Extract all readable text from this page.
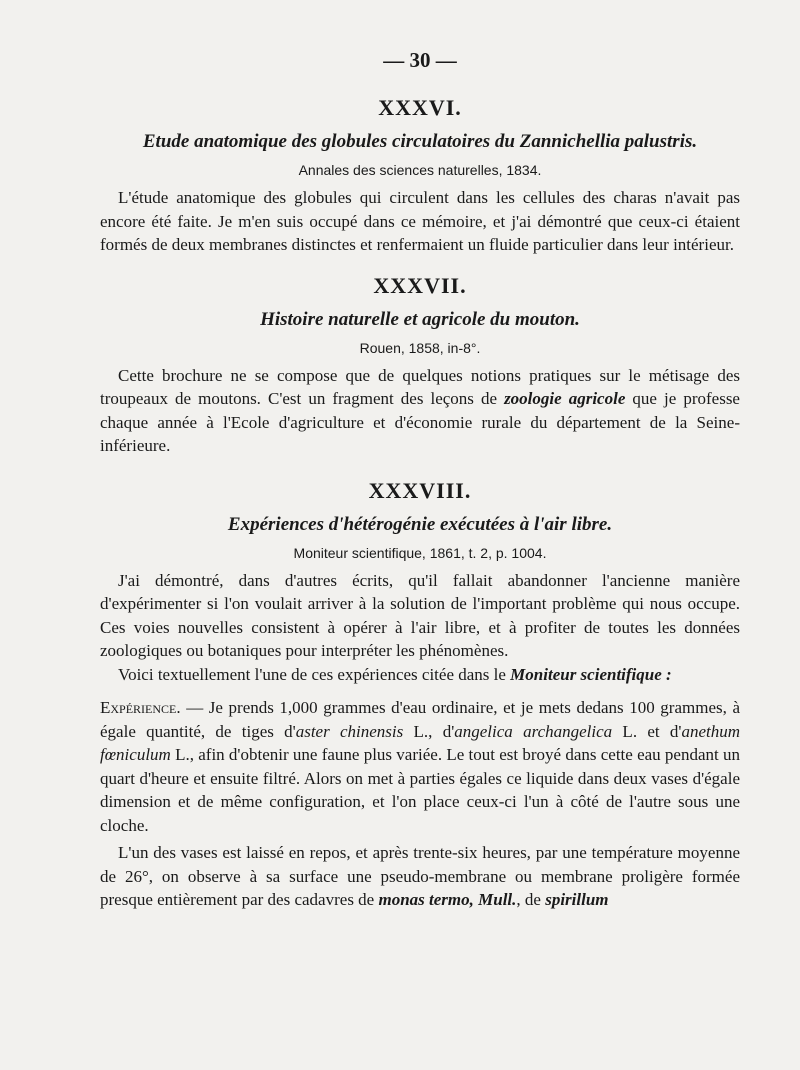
— 30 —
XXXVI.
Etude anatomique des globules circulatoires du Zannichellia palustris.
Annales des sciences naturelles, 1834.

L'étude anatomique des globules qui circulent dans les cellules des charas n'avait pas encore été faite. Je m'en suis occupé dans ce mémoire, et j'ai démontré que ceux-ci étaient formés de deux membranes distinctes et renfermaient un fluide particulier dans leur intérieur.

XXXVII.
Histoire naturelle et agricole du mouton.
Rouen, 1858, in-8°.

Cette brochure ne se compose que de quelques notions pratiques sur le métisage des troupeaux de moutons. C'est un fragment des leçons de zoologie agricole que je professe chaque année à l'Ecole d'agriculture et d'économie rurale du département de la Seine-inférieure.

XXXVIII.
Expériences d'hétérogénie exécutées à l'air libre.
Moniteur scientifique, 1861, t. 2, p. 1004.

J'ai démontré, dans d'autres écrits, qu'il fallait abandonner l'ancienne manière d'expérimenter si l'on voulait arriver à la solution de l'important problème qui nous occupe. Ces voies nouvelles consistent à opérer à l'air libre, et à profiter de toutes les données zoologiques ou botaniques pour interpréter les phénomènes.

Voici textuellement l'une de ces expériences citée dans le Moniteur scientifique :

Expérience. — Je prends 1,000 grammes d'eau ordinaire, et je mets dedans 100 grammes, à égale quantité, de tiges d'aster chinensis L., d'angelica archangelica L. et d'anethum fœniculum L., afin d'obtenir une faune plus variée. Le tout est broyé dans cette eau pendant un quart d'heure et ensuite filtré. Alors on met à parties égales ce liquide dans deux vases d'égale dimension et de même configuration, et l'on place ceux-ci l'un à côté de l'autre sous une cloche.

L'un des vases est laissé en repos, et après trente-six heures, par une température moyenne de 26°, on observe à sa surface une pseudo-membrane ou membrane proligère formée presque entièrement par des cadavres de monas termo, Mull., de spirillum
